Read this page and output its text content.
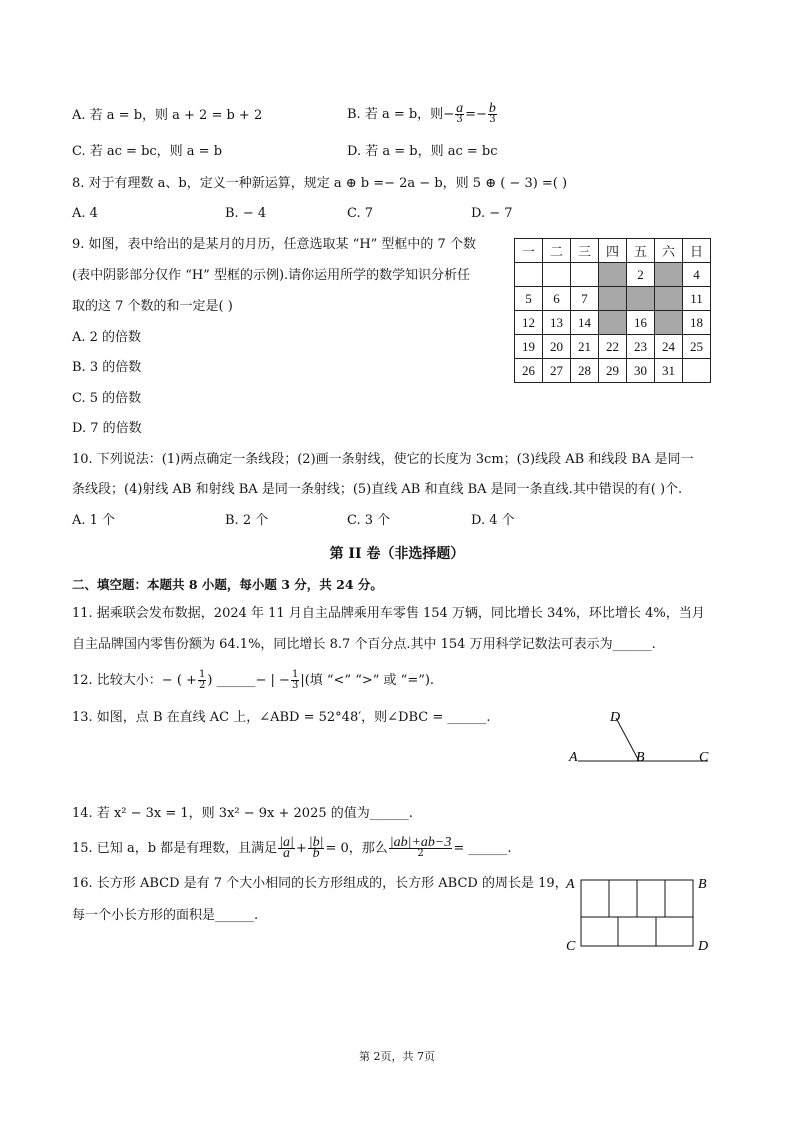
A. 若 a = b，则 a + 2 = b + 2	B. 若 a = b，则− $\frac{a}{3} =- \frac{b}{3}$
C. 若 ac = bc，则 a = b	D. 若 a = b，则 ac = bc
8. 对于有理数 a、b，定义一种新运算，规定 a ⊕ b =− 2a − b，则 5 ⊕ ( − 3) =( )
A. 4	B. − 4	C. 7	D. − 7
9. 如图，表中给出的是某月的月历，任意选取某 “H” 型框中的 7 个数
(表中阴影部分仅作 “H” 型框的示例).请你运用所学的数学知识分析任
取的这 7 个数的和一定是( )
A. 2 的倍数
B. 3 的倍数
C. 5 的倍数
D. 7 的倍数
一	二	三	四	五	六	日
				2		4
5	6	7				11
12	13	14		16		18
19	20	21	22	23	24	25
26	27	28	29	30	31	
10. 下列说法：(1)两点确定一条线段；(2)画一条射线，使它的长度为 3cm；(3)线段 AB 和线段 BA 是同一
条线段；(4)射线 AB 和射线 BA 是同一条射线；(5)直线 AB 和直线 BA 是同一条直线.其中错误的有( )个.
A. 1 个	B. 2 个	C. 3 个	D. 4 个
第 II 卷（非选择题）
二、填空题：本题共 8 小题，每小题 3 分，共 24 分。
11. 据乘联会发布数据，2024 年 11 月自主品牌乘用车零售 154 万辆，同比增长 34%，环比增长 4%，当月
自主品牌国内零售份额为 64.1%，同比增长 8.7 个百分点.其中 154 万用科学记数法可表示为______.
12. 比较大小：− ( + $\frac{1}{2}$ ) ______− | − $\frac{1}{3}$ |(填 “<” “>” 或 “=”).
13. 如图，点 B 在直线 AC 上，∠ABD = 52°48′，则∠DBC = ______.
A	B	C
D
14. 若 x² − 3x = 1，则 3x² − 9x + 2025 的值为______.
15. 已知 a，b 都是有理数，且满足 $\frac{|a|}{a} + \frac{|b|}{b} = 0$，那么 $\frac{|ab|+ab-3}{2}$ = ______.
16. 长方形 ABCD 是有 7 个大小相同的长方形组成的，长方形 ABCD 的周长是 19，
每一个小长方形的面积是______.
A	B
C	D
第 2页，共 7页
